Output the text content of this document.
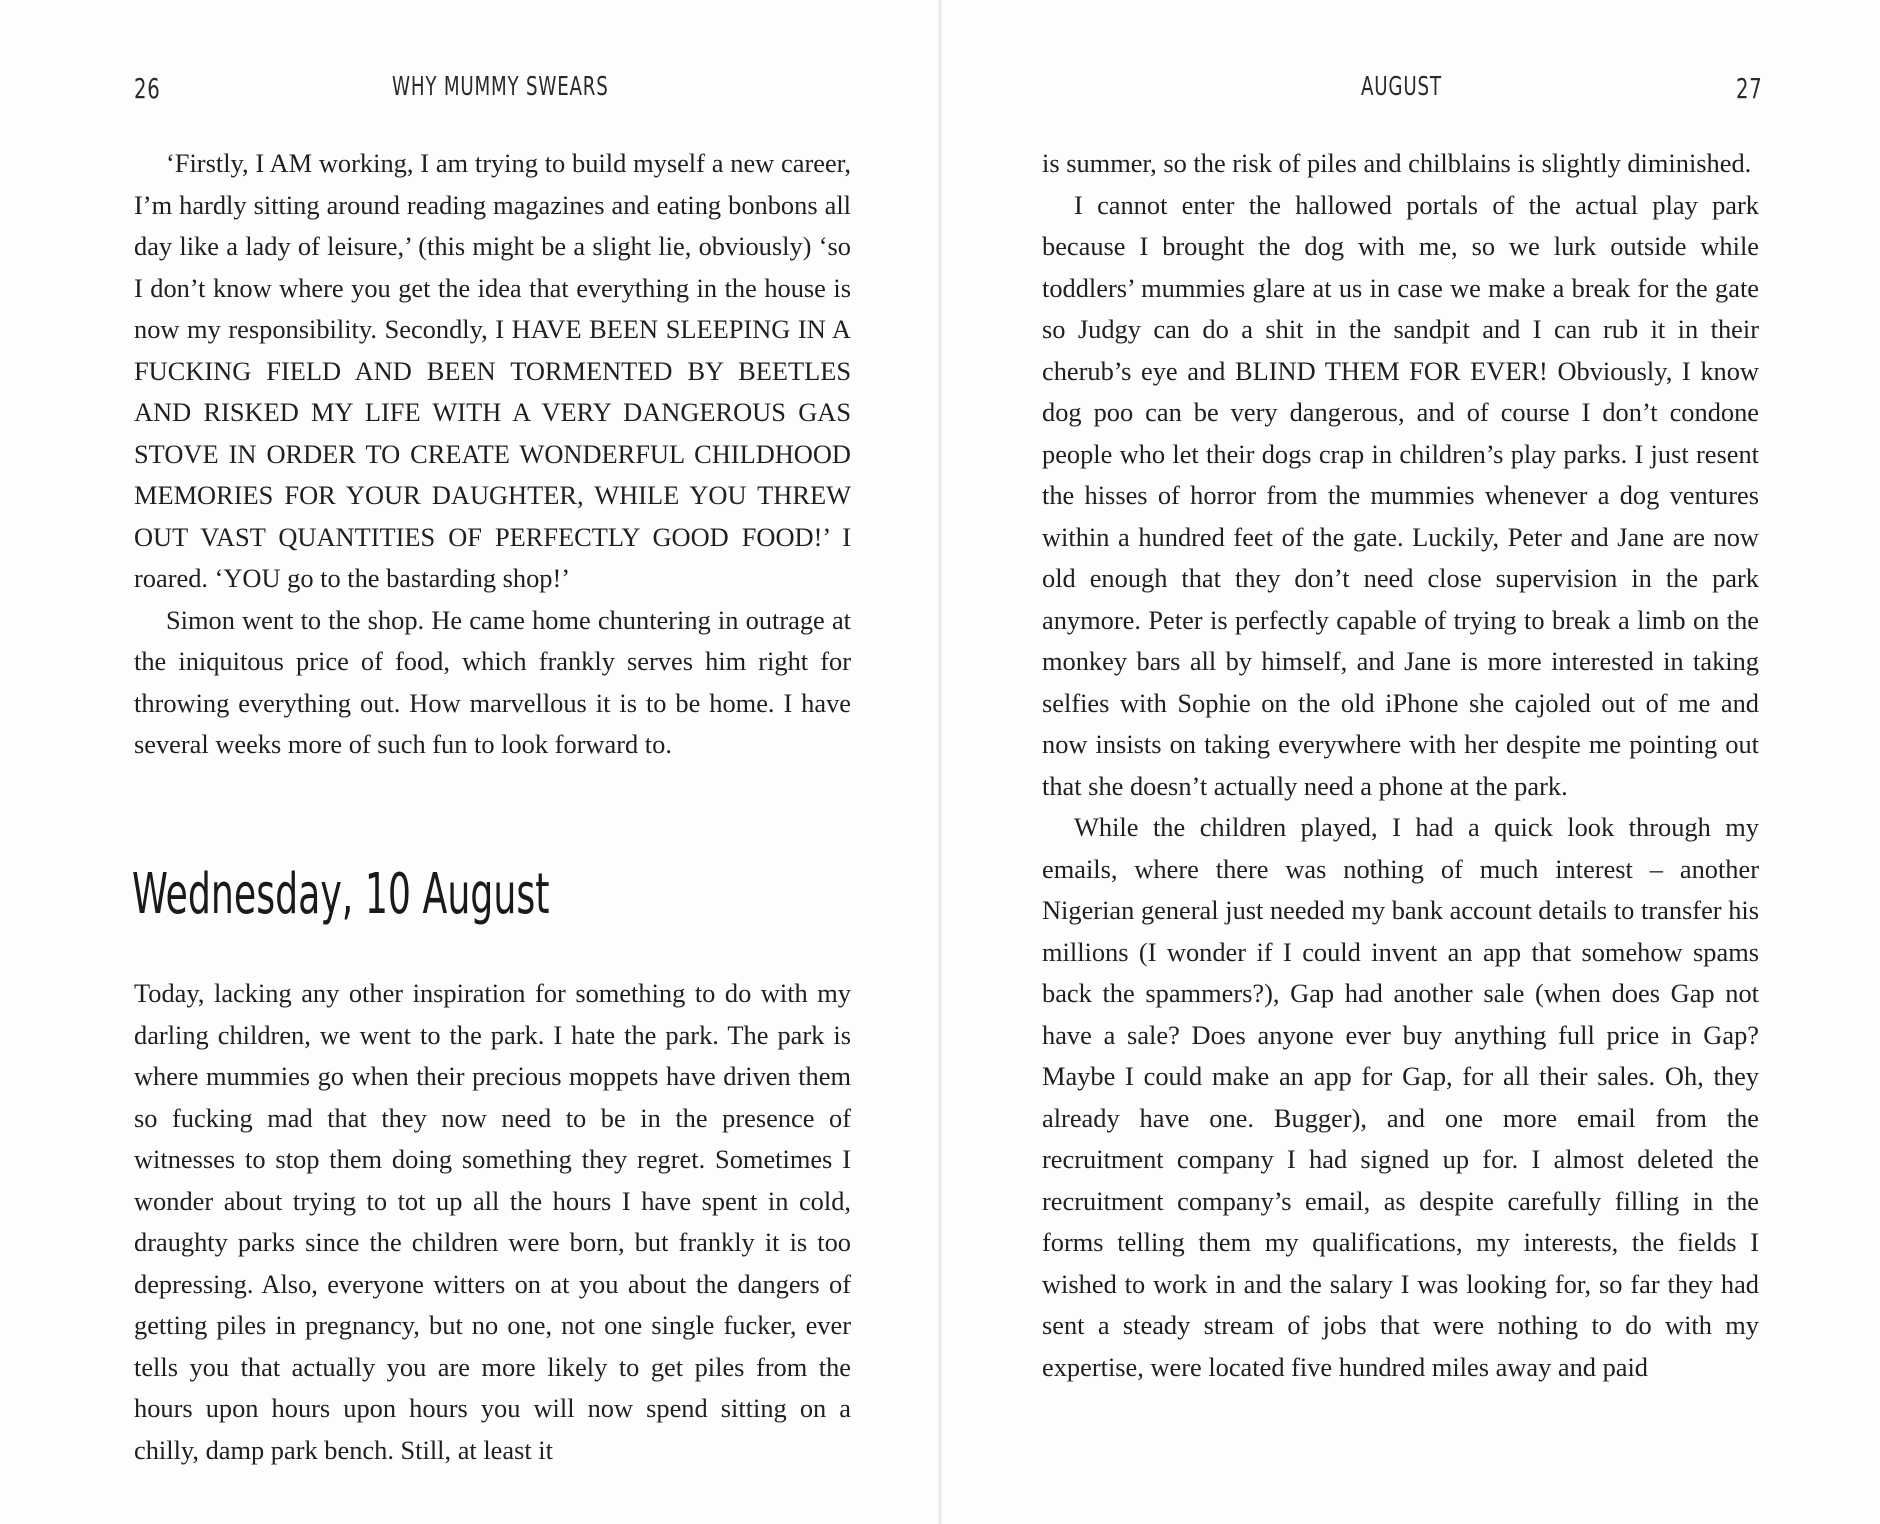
26	WHY MUMMY SWEARS

‘Firstly, I AM working, I am trying to build myself a new career, I’m hardly sitting around reading magazines and eating bonbons all day like a lady of leisure,’ (this might be a slight lie, obviously) ‘so I don’t know where you get the idea that everything in the house is now my responsibility. Secondly, I HAVE BEEN SLEEPING IN A FUCKING FIELD AND BEEN TORMENTED BY BEETLES AND RISKED MY LIFE WITH A VERY DANGEROUS GAS STOVE IN ORDER TO CREATE WONDERFUL CHILDHOOD MEMORIES FOR YOUR DAUGHTER, WHILE YOU THREW OUT VAST QUANTITIES OF PERFECTLY GOOD FOOD!’ I roared. ‘YOU go to the bastarding shop!’

Simon went to the shop. He came home chuntering in outrage at the iniquitous price of food, which frankly serves him right for throwing everything out. How marvellous it is to be home. I have several weeks more of such fun to look forward to.

Wednesday, 10 August

Today, lacking any other inspiration for something to do with my darling children, we went to the park. I hate the park. The park is where mummies go when their precious moppets have driven them so fucking mad that they now need to be in the presence of witnesses to stop them doing something they regret. Sometimes I wonder about trying to tot up all the hours I have spent in cold, draughty parks since the children were born, but frankly it is too depressing. Also, everyone witters on at you about the dangers of getting piles in pregnancy, but no one, not one single fucker, ever tells you that actually you are more likely to get piles from the hours upon hours upon hours you will now spend sitting on a chilly, damp park bench. Still, at least it

AUGUST	27

is summer, so the risk of piles and chilblains is slightly diminished.

I cannot enter the hallowed portals of the actual play park because I brought the dog with me, so we lurk outside while toddlers’ mummies glare at us in case we make a break for the gate so Judgy can do a shit in the sandpit and I can rub it in their cherub’s eye and BLIND THEM FOR EVER! Obviously, I know dog poo can be very dangerous, and of course I don’t condone people who let their dogs crap in children’s play parks. I just resent the hisses of horror from the mummies whenever a dog ventures within a hundred feet of the gate. Luckily, Peter and Jane are now old enough that they don’t need close supervision in the park anymore. Peter is perfectly capable of trying to break a limb on the monkey bars all by himself, and Jane is more interested in taking selfies with Sophie on the old iPhone she cajoled out of me and now insists on taking everywhere with her despite me pointing out that she doesn’t actually need a phone at the park.

While the children played, I had a quick look through my emails, where there was nothing of much interest – another Nigerian general just needed my bank account details to transfer his millions (I wonder if I could invent an app that somehow spams back the spammers?), Gap had another sale (when does Gap not have a sale? Does anyone ever buy anything full price in Gap? Maybe I could make an app for Gap, for all their sales. Oh, they already have one. Bugger), and one more email from the recruitment company I had signed up for. I almost deleted the recruitment company’s email, as despite carefully filling in the forms telling them my qualifications, my interests, the fields I wished to work in and the salary I was looking for, so far they had sent a steady stream of jobs that were nothing to do with my expertise, were located five hundred miles away and paid
